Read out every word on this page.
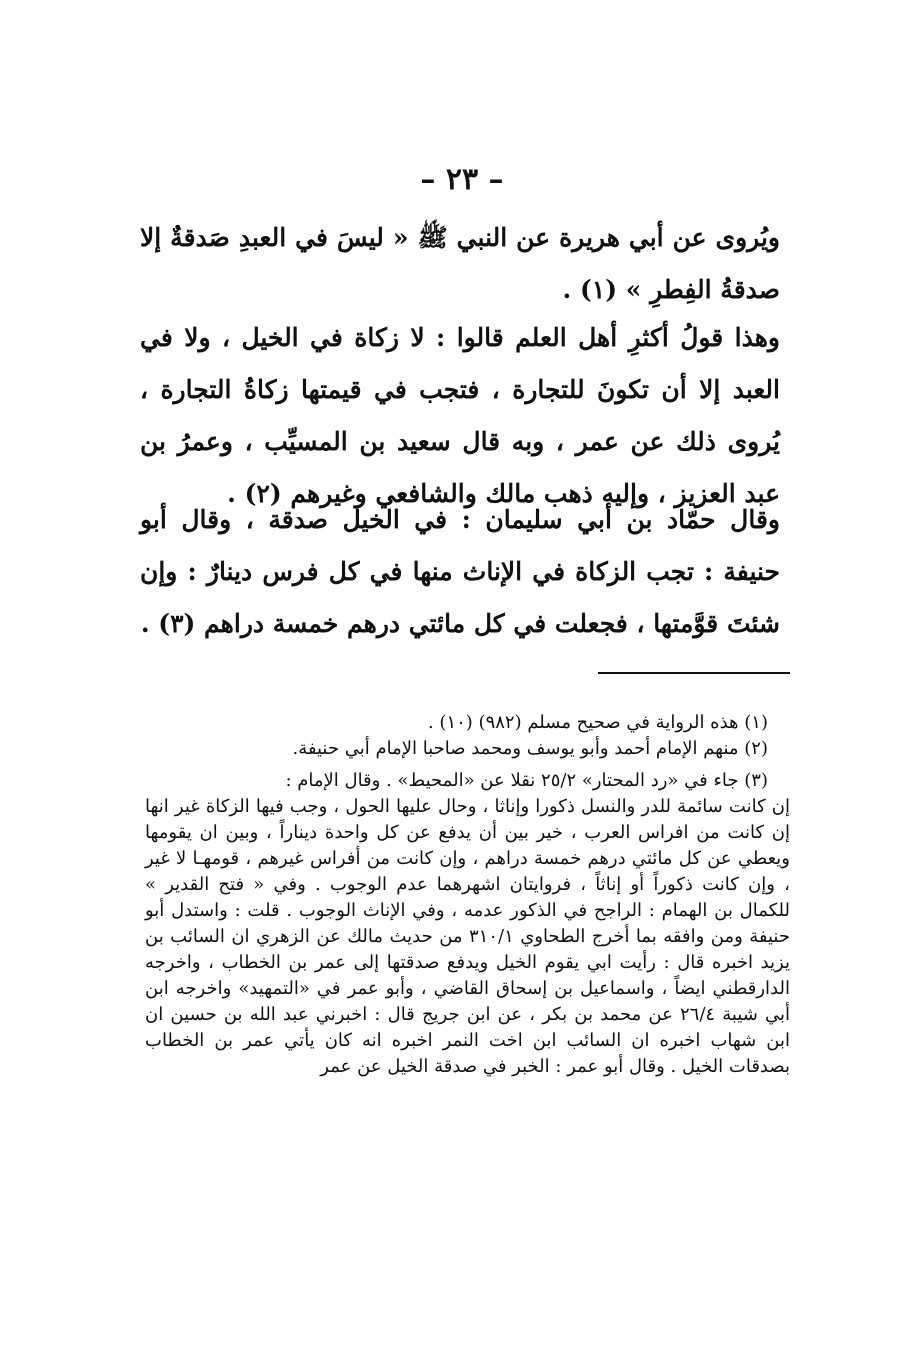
– ٢٣ –

ويُروى عن أبي هريرة عن النبي ﷺ « ليسَ في العبدِ صَدقةٌ إلا صدقةُ الفِطرِ » (١) .

وهذا قولُ أكثرِ أهل العلم قالوا : لا زكاة في الخيل ، ولا في العبد إلا أن تكونَ للتجارة ، فتجب في قيمتها زكاةُ التجارة ، يُروى ذلك عن عمر ، وبه قال سعيد بن المسيِّب ، وعمرُ بن عبد العزيز ، وإليه ذهب مالك والشافعي وغيرهم (٢) .

وقال حمّاد بن أبي سليمان : في الخيل صدقة ، وقال أبو حنيفة : تجب الزكاة في الإناث منها في كل فرس دينارٌ : وإن شئتَ قوَّمتها ، فجعلت في كل مائتي درهم خمسة دراهم (٣) .

(١) هذه الرواية في صحيح مسلم (٩٨٢) (١٠) .

(٢) منهم الإمام أحمد وأبو يوسف ومحمد صاحبا الإمام أبي حنيفة.

(٣) جاء في «رد المحتار» ٢٥/٢ نقلا عن «المحيط» . وقال الإمام :

إن كانت سائمة للدر والنسل ذكورا وإناثا ، وحال عليها الحول ، وجب فيها الزكاة غير انها إن كانت من افراس العرب ، خير بين أن يدفع عن كل واحدة ديناراً ، وبين ان يقومها ويعطي عن كل مائتي درهم خمسة دراهم ، وإن كانت من أفراس غيرهم ، قومهـا لا غير ، وإن كانت ذكوراً أو إناثاً ، فروايتان اشهرهما عدم الوجوب . وفي « فتح القدير » للكمال بن الهمام : الراجح في الذكور عدمه ، وفي الإناث الوجوب . قلت : واستدل أبو حنيفة ومن وافقه بما أخرج الطحاوي ٣١٠/١ من حديث مالك عن الزهري ان السائب بن يزيد اخبره قال : رأيت ابي يقوم الخيل ويدفع صدقتها إلى عمر بن الخطاب ، واخرجه الدارقطني ايضاً ، واسماعيل بن إسحاق القاضي ، وأبو عمر في «التمهيد» واخرجه ابن أبي شيبة ٢٦/٤ عن محمد بن بكر ، عن ابن جريج قال : اخبرني عبد الله بن حسين ان ابن شهاب اخبره ان السائب ابن اخت النمر اخبره انه كان يأتي عمر بن الخطاب بصدقات الخيل . وقال أبو عمر : الخبر في صدقة الخيل عن عمر
